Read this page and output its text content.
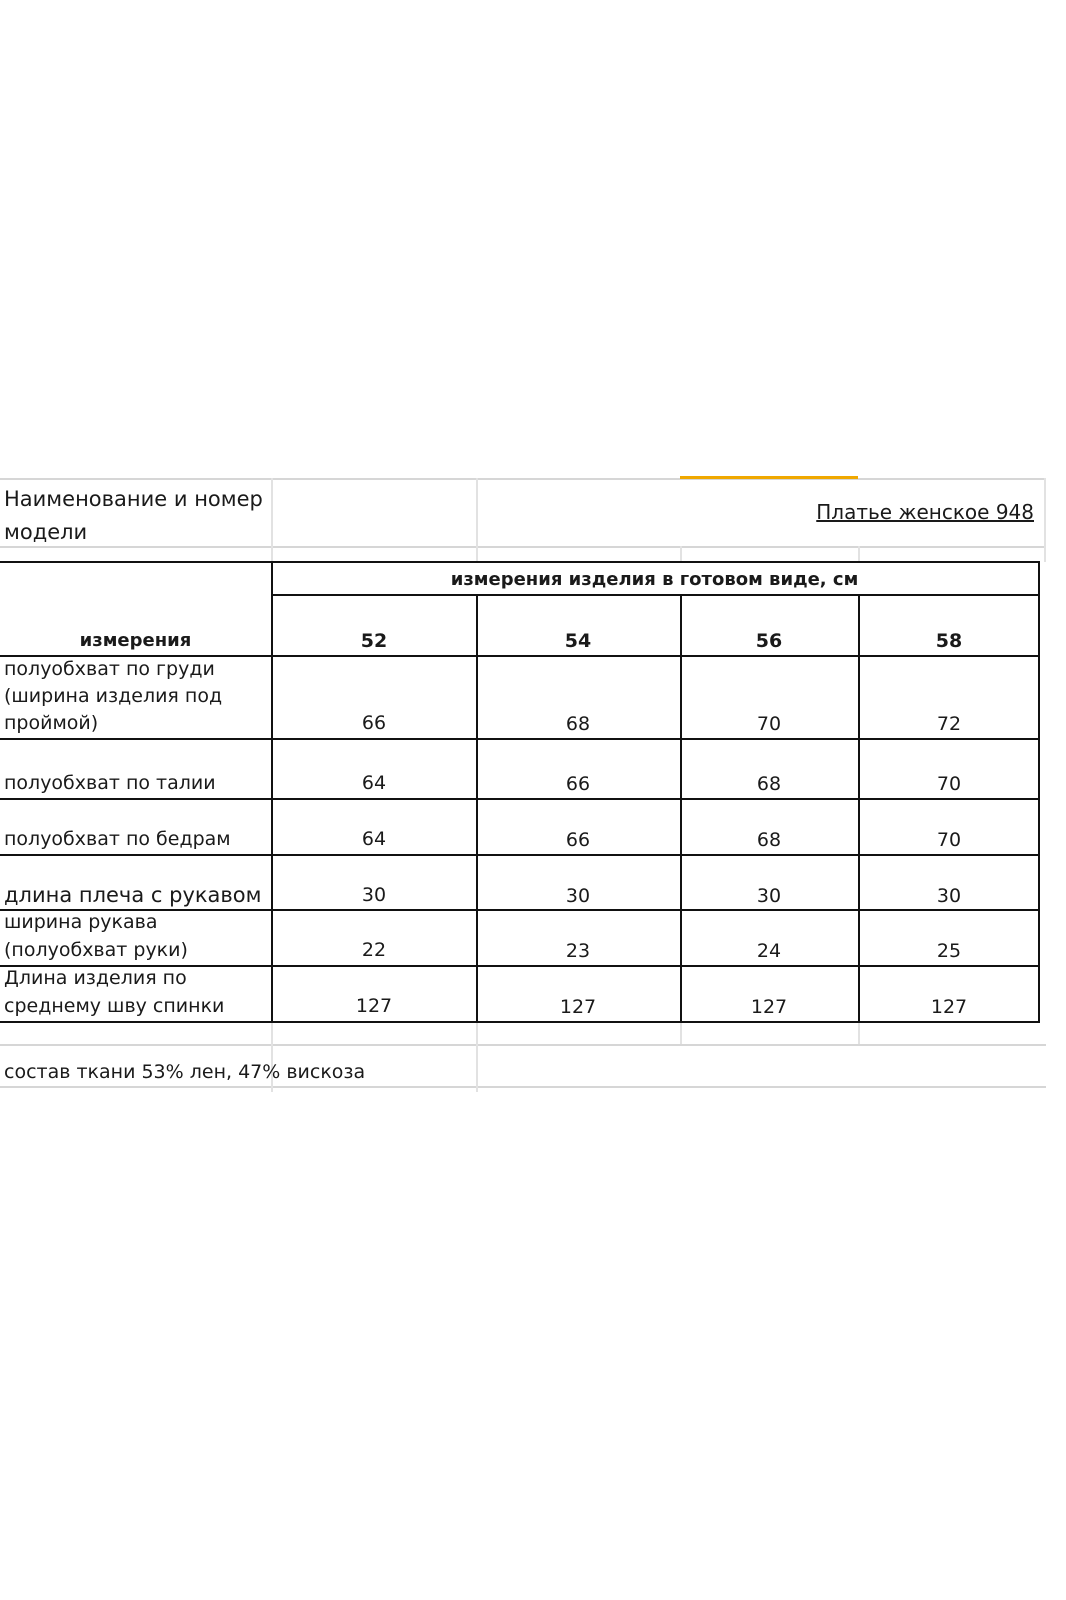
Наименование и номер
модели
Платье женское 948
измерения изделия в готовом виде, см
измерения	52	54	56	58
полуобхват по груди
(ширина изделия под
проймой)	66	68	70	72
полуобхват по талии	64	66	68	70
полуобхват по бедрам	64	66	68	70
длина плеча с рукавом	30	30	30	30
ширина рукава
(полуобхват руки)	22	23	24	25
Длина изделия по
среднему шву спинки	127	127	127	127
состав ткани 53% лен, 47% вискоза
